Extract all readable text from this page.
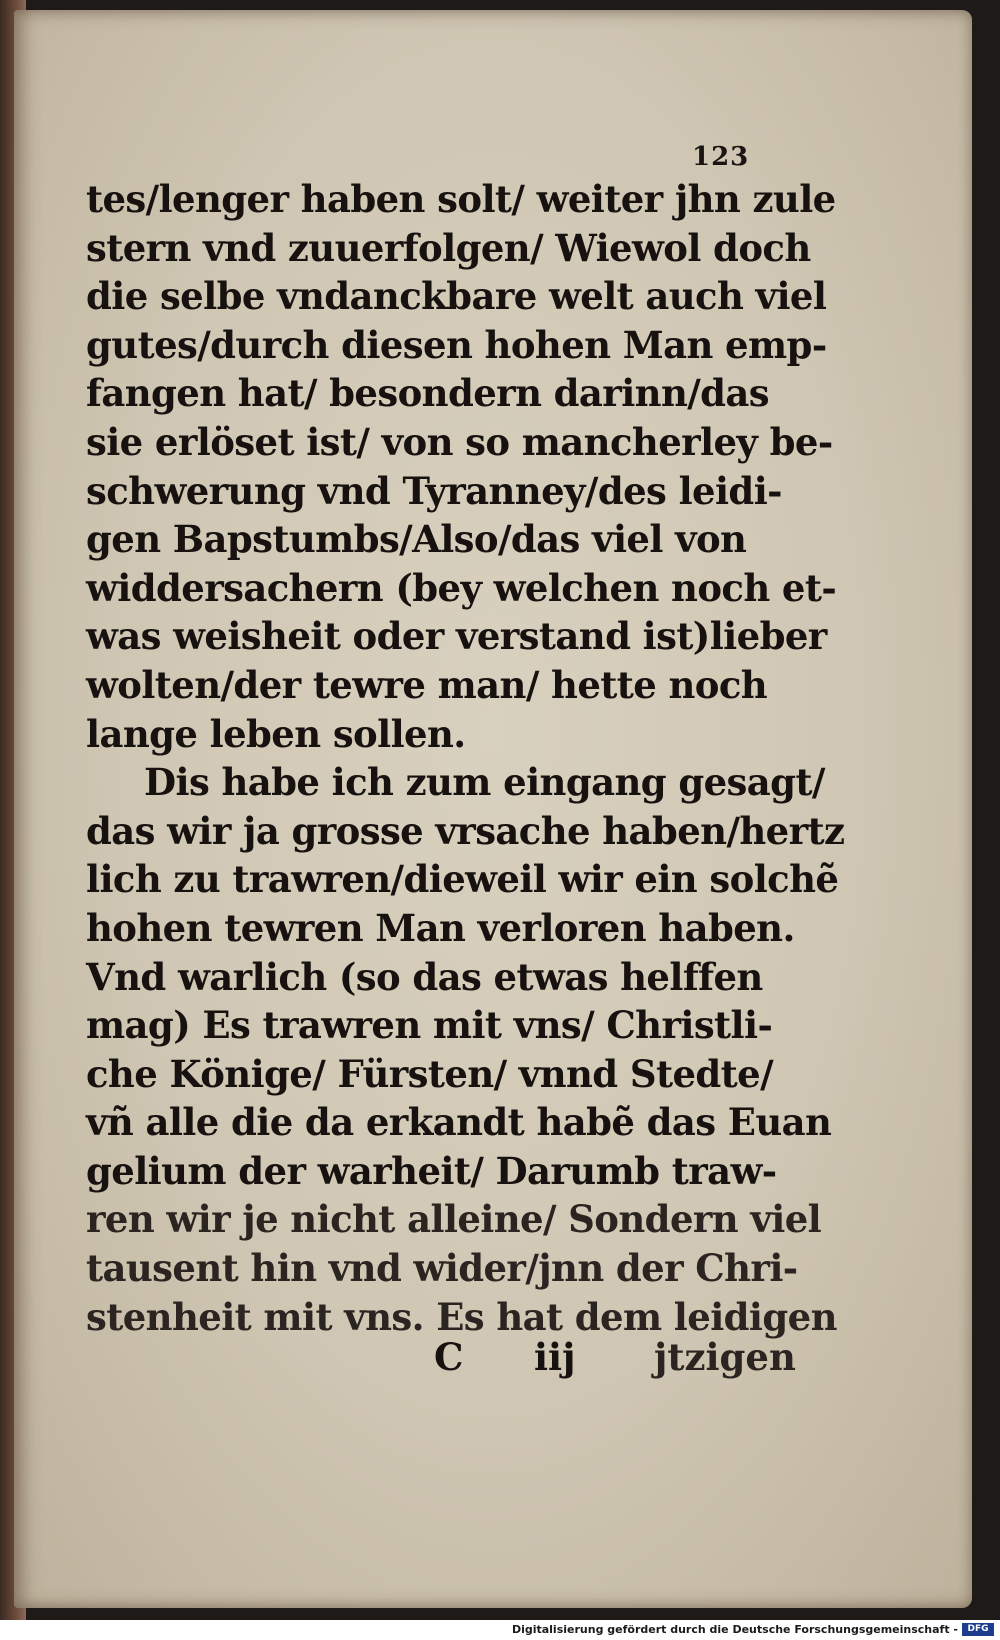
123
tes/lenger haben solt/ weiter jhn zule
stern vnd zuuerfolgen/ Wiewol doch
die selbe vndanckbare welt auch viel
gutes/durch diesen hohen Man emp-
fangen hat/ besondern darinn/das
sie erlöset ist/ von so mancherley be-
schwerung vnd Tyranney/des leidi-
gen Bapstumbs/Also/das viel von
widdersachern (bey welchen noch et-
was weisheit oder verstand ist)lieber
wolten/der tewre man/ hette noch
lange leben sollen.
Dis habe ich zum eingang gesagt/
das wir ja grosse vrsache haben/hertz
lich zu trawren/dieweil wir ein solchẽ
hohen tewren Man verloren haben.
Vnd warlich (so das etwas helffen
mag) Es trawren mit vns/ Christli-
che Könige/ Fürsten/ vnnd Stedte/
vñ alle die da erkandt habẽ das Euan
gelium der warheit/ Darumb traw-
ren wir je nicht alleine/ Sondern viel
tausent hin vnd wider/jnn der Chri-
stenheit mit vns. Es hat dem leidigen
C iij jtzigen
Digitalisierung gefördert durch die Deutsche Forschungsgemeinschaft -	DFG
